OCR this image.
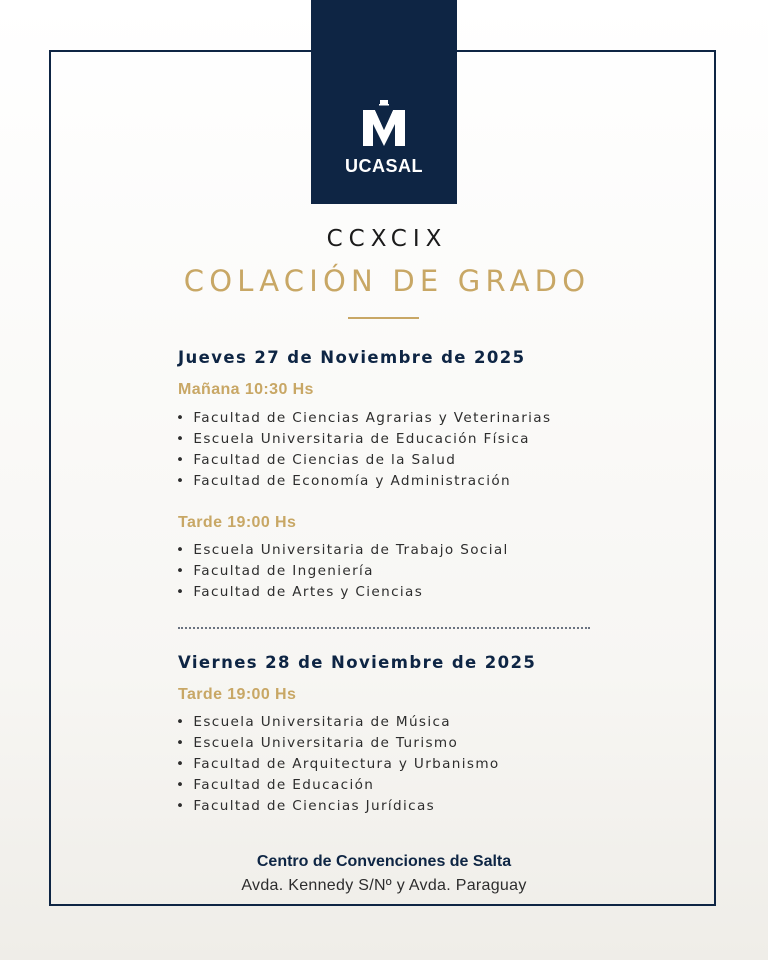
UCASAL
CCXCIX
COLACIÓN DE GRADO
Jueves 27 de Noviembre de 2025
Mañana 10:30 Hs
• Facultad de Ciencias Agrarias y Veterinarias
• Escuela Universitaria de Educación Física
• Facultad de Ciencias de la Salud
• Facultad de Economía y Administración
Tarde 19:00 Hs
• Escuela Universitaria de Trabajo Social
• Facultad de Ingeniería
• Facultad de Artes y Ciencias
Viernes 28 de Noviembre de 2025
Tarde 19:00 Hs
• Escuela Universitaria de Música
• Escuela Universitaria de Turismo
• Facultad de Arquitectura y Urbanismo
• Facultad de Educación
• Facultad de Ciencias Jurídicas
Centro de Convenciones de Salta
Avda. Kennedy S/Nº y Avda. Paraguay
